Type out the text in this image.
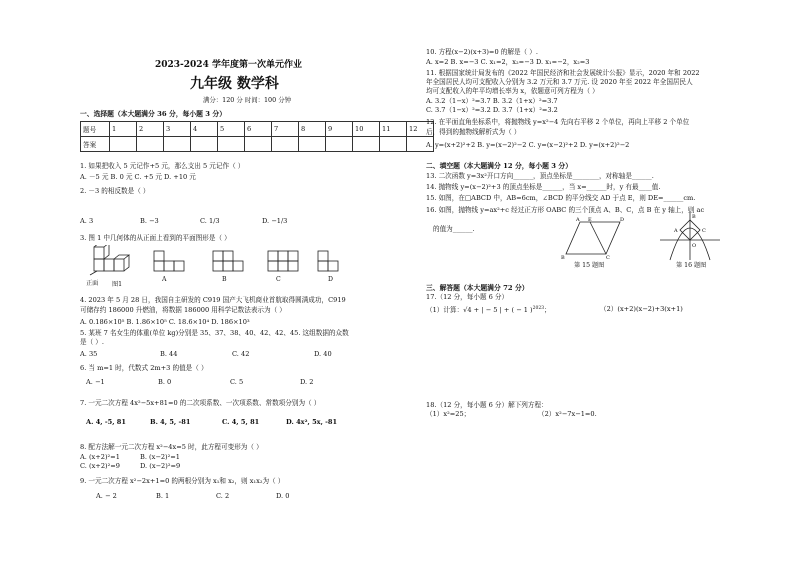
2023-2024 学年度第一次单元作业
九年级 数学科
满分：120 分 时间：100 分钟
一、选择题（本大题满分 36 分，每小题 3 分）
题号	1	2	3	4	5	6	7	8	9	10	11	12
答案												
1. 如果把收入 5 元记作+5 元，那么支出 5 元记作（ ）
A. －5 元 B. 0 元 C. +5 元 D. +10 元
2. －3 的相反数是（ ）
A. 3	B. −3	C. 1/3	D. −1/3
3. 图 1 中几何体的从正面上看到的平面图形是（ ）
正面 图1
A	B	C	D
4. 2023 年 5 月 28 日，我国自主研发的 C919 国产大飞机商业首航取得圆满成功，C919
可储存约 186000 升燃油，将数据 186000 用科学记数法表示为（ ）
A. 0.186×10⁵ B. 1.86×10⁵ C. 18.6×10⁴ D. 186×10³
5. 某班 7 名女生的体重(单位 kg)分别是 35、37、38、40、42、42、45. 这组数据的众数
是（ ）.
A. 35	B. 44	C. 42	D. 40
6. 当 m=1 时，代数式 2m+3 的值是（ ）
A. −1	B. 0	C. 5	D. 2
7. 一元二次方程 4x²−5x+81=0 的二次项系数、一次项系数、常数项分别为（ ）
A. 4, -5, 81	B. 4, 5, -81	C. 4, 5, 81	D. 4x², 5x, -81
8. 配方法解一元二次方程 x²−4x=5 时，此方程可变形为（ ）
A. (x+2)²=1	B. (x−2)²=1
C. (x+2)²=9	D. (x−2)²=9
9. 一元二次方程 x²−2x+1=0 的两根分别为 x₁和 x₂，则 x₁x₂为（ ）
A. − 2	B. 1	C. 2	D. 0
10. 方程(x−2)(x+3)=0 的解是（ ）.
A. x=2 B. x=−3 C. x₁=2，x₂=−3 D. x₁=−2，x₂=3
11. 根据国家统计局发布的《2022 年国民经济和社会发展统计公报》显示，2020 年和 2022
年全国居民人均可支配收入分别为 3.2 万元和 3.7 万元. 设 2020 年至 2022 年全国居民人
均可支配收入的年平均增长率为 x，依题意可列方程为（ ）
A. 3.2（1−x）²=3.7 B. 3.2（1+x）²=3.7
C. 3.7（1−x）²=3.2 D. 3.7（1+x）²=3.2
12. 在平面直角坐标系中，将抛物线 y=x²−4 先向右平移 2 个单位，再向上平移 2 个单位
后，得到的抛物线解析式为（ ）
A. y=(x+2)²+2 B. y=(x−2)²−2 C. y=(x−2)²+2 D. y=(x+2)²−2
二、填空题（本大题满分 12 分，每小题 3 分）
13. 二次函数 y=3x²开口方向______，顶点坐标是________，对称轴是______.
14. 抛物线 y=(x−2)²+3 的顶点坐标是______，当 x=______时，y 有最____值.
15. 如图，在□ABCD 中，AB=6cm，∠BCD 的平分线交 AD 于点 E，则 DE=______cm.
16. 如图，抛物线 y=ax²+c 经过正方形 OABC 的三个顶点 A、B、C，点 B 在 y 轴上，则 ac
的值为______.
A E	D
B	C
第 15 题图
B
C
A
O
第 16 题图
三、解答题（本大题满分 72 分）
17.（12 分，每小题 6 分）
（1）计算：√4 + | − 5 | + ( − 1 )$^{2023}$；	（2）(x+2)(x−2)+3(x+1)
18.（12 分，每小题 6 分）解下列方程：
（1）x²=25；	（2）x²−7x−1=0.
